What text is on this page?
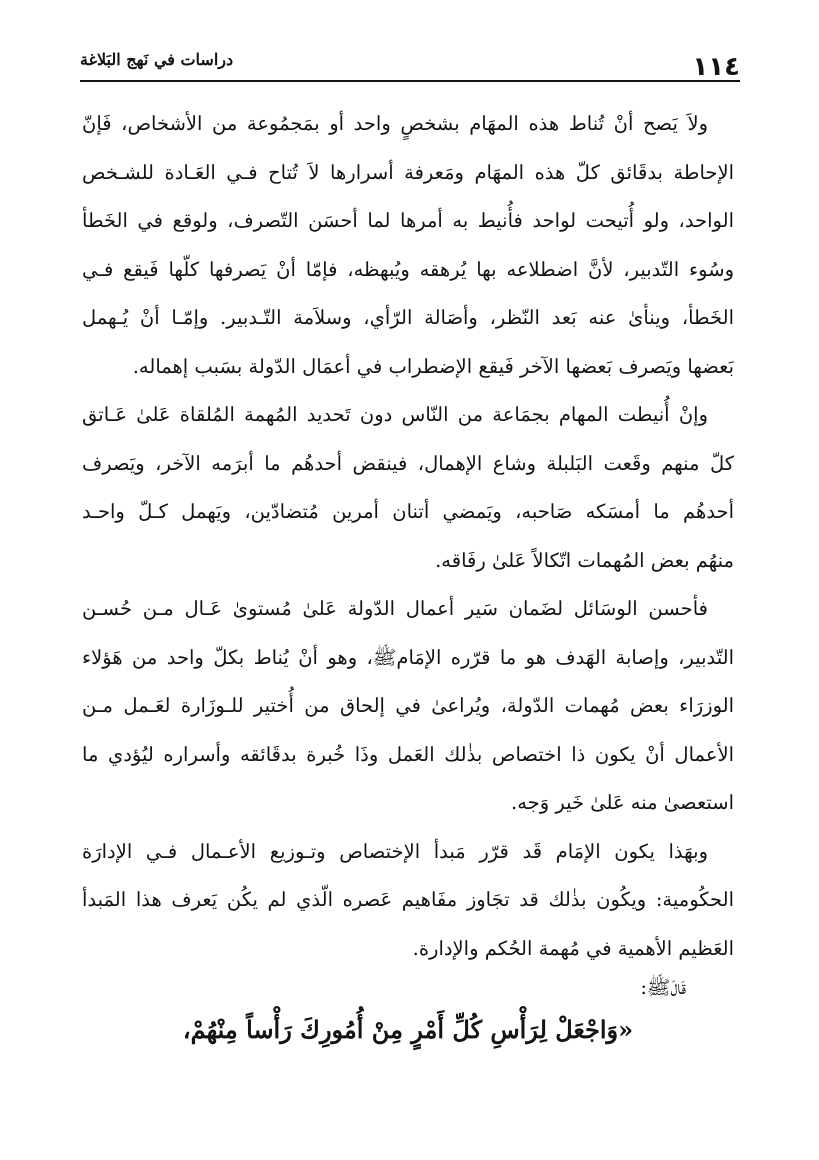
١١٤
دراسات في نَهج البَلاغة
ولاَ يَصح أنْ تُناط هذه المهَام بشخصٍ واحد أو بمَجمُوعة من الأشخاص، فَإنّ
الإحاطة بدقَائق كلّ هذه المهَام ومَعرفة أسرارها لاَ تُتاح فـي العَـادة للشـخص
الواحد، ولو أُتيحت لواحد فأُنيط به أمرها لما أحسَن التّصرف، ولوقع في الخَطأ
وسُوء التّدبير، لأنَّ اضطلاعه بها يُرهقه ويُبهظه، فإمّا أنْ يَصرفها كلّها فَيقع فـي
الخَطأ، وينأىٰ عنه بَعد النّظر، وأصَالة الرّأي، وسلاَمة التّـدبير. وإمّـا أنْ يُـهمل
بَعضها ويَصرف بَعضها الآخر فَيقع الإضطراب في أعمَال الدّولة بسَبب إهماله.
وإنْ أُنيطت المهام بجمَاعة من النّاس دون تَحديد المُهمة المُلقاة عَلىٰ عَـاتق
كلّ منهم وقَعت البَلبلة وشاع الإهمال، فينقض أحدهُم ما أبرَمه الآخر، ويَصرف
أحدهُم ما أمسَكه صَاحبه، ويَمضي أتنان أمرين مُتضادّين، ويَهمل كـلّ واحـد
منهُم بعض المُهمات اتّكالاً عَلىٰ رفَاقه.
فأحسن الوسَائل لضَمان سَير أعمال الدّولة عَلىٰ مُستوىٰ عَـال مـن حُسـن
التّدبير، وإصابة الهَدف هو ما قرّره الإمَامﷺ، وهو أنْ يُناط بكلّ واحد من هَؤلاء
الوزرَاء بعض مُهمات الدّولة، ويُراعىٰ في إلحاق من أُختير للـوزَارة لعَـمل مـن
الأعمال أنْ يكون ذا اختصاص بذٰلك العَمل وذَا خُبرة بدقَائقه وأسراره ليُؤدي ما
استعصىٰ منه عَلىٰ خَير وَجه.
وبهَذا يكون الإمَام قَد قرّر مَبدأ الإختصاص وتـوزيع الأعـمال فـي الإدارَة
الحكُومية: ويكُون بذٰلك قد تجَاوز مفَاهيم عَصره الّذي لم يكُن يَعرف هذا المَبدأ
العَظيم الأهمية في مُهمة الحُكم والإدارة.
قَالَ‌ﷺ:
«وَاجْعَلْ لِرَأْسِ كُلِّ أَمْرٍ مِنْ أُمُورِكَ رَأْساً مِنْهُمْ،
